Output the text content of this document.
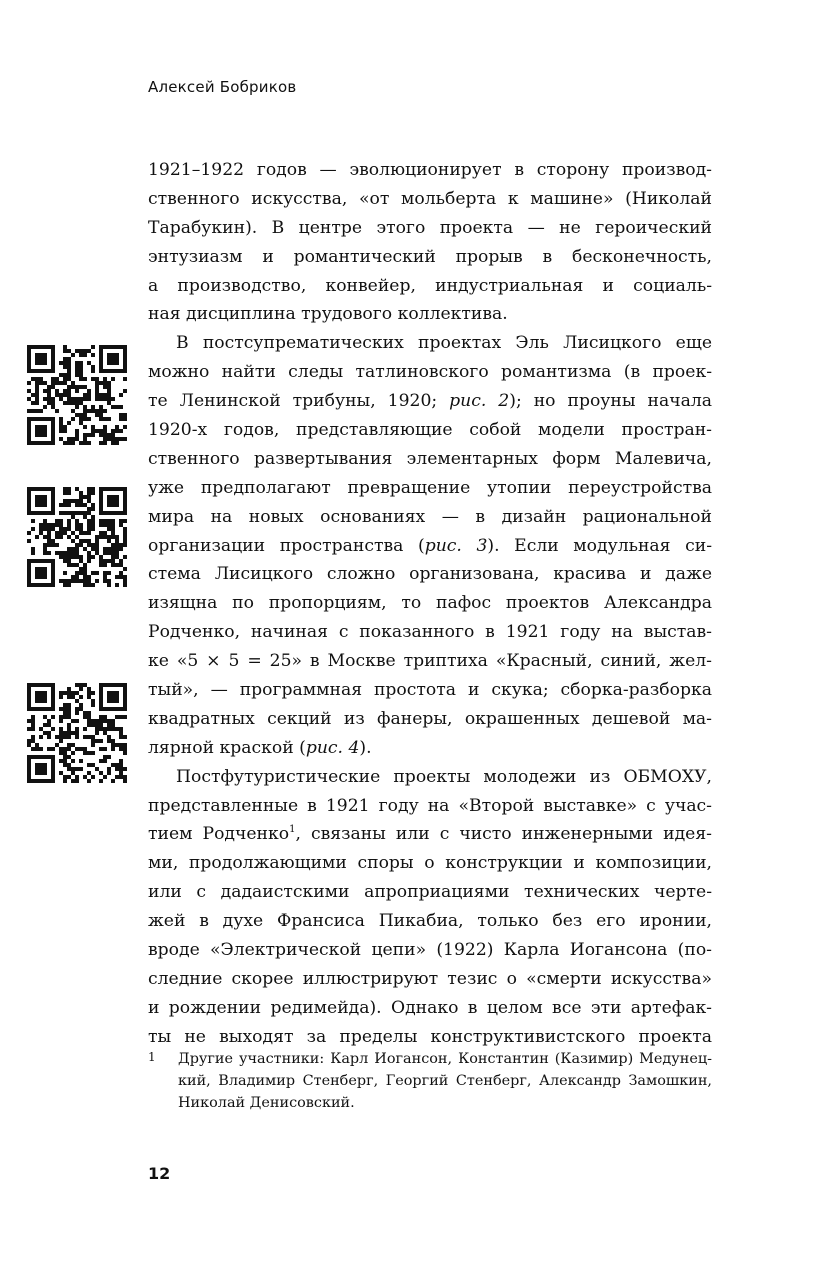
Алексей Бобриков
1921–1922 годов — эволюционирует в сторону производ-
ственного искусства, «от мольберта к машине» (Николай
Тарабукин). В центре этого проекта — не героический
энтузиазм и романтический прорыв в бесконечность,
а производство, конвейер, индустриальная и социаль-
ная дисциплина трудового коллектива.
В постсупрематических проектах Эль Лисицкого еще
можно найти следы татлиновского романтизма (в проек-
те Ленинской трибуны, 1920; рис. 2); но проуны начала
1920-х годов, представляющие собой модели простран-
ственного развертывания элементарных форм Малевича,
уже предполагают превращение утопии переустройства
мира на новых основаниях — в дизайн рациональной
организации пространства (рис. 3). Если модульная си-
стема Лисицкого сложно организована, красива и даже
изящна по пропорциям, то пафос проектов Александра
Родченко, начиная с показанного в 1921 году на выстав-
ке «5 × 5 = 25» в Москве триптиха «Красный, синий, жел-
тый», — программная простота и скука; сборка-разборка
квадратных секций из фанеры, окрашенных дешевой ма-
лярной краской (рис. 4).
Постфутуристические проекты молодежи из ОБМОХУ,
представленные в 1921 году на «Второй выставке» с учас-
тием Родченко$^1$, связаны или с чисто инженерными идея-
ми, продолжающими споры о конструкции и композиции,
или с дадаистскими апроприациями технических черте-
жей в духе Франсиса Пикабиа, только без его иронии,
вроде «Электрической цепи» (1922) Карла Иогансона (по-
следние скорее иллюстрируют тезис о «смерти искусства»
и рождении редимейда). Однако в целом все эти артефак-
ты не выходят за пределы конструктивистского проекта
1 Другие участники: Карл Иогансон, Константин (Казимир) Медунец-
кий, Владимир Стенберг, Георгий Стенберг, Александр Замошкин,
Николай Денисовский.
12
